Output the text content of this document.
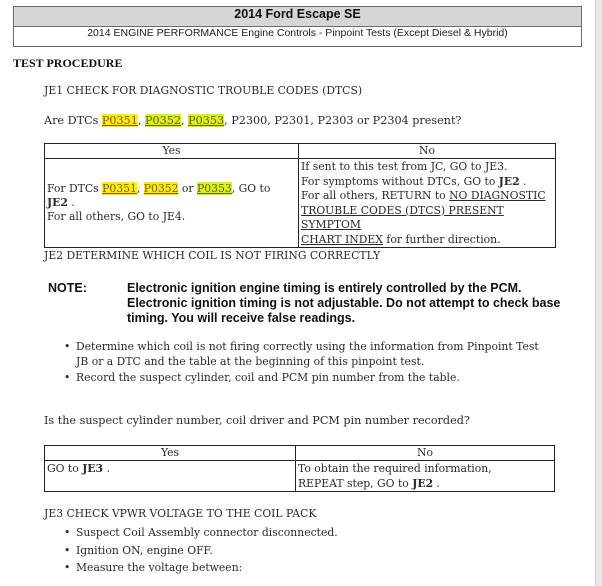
2014 Ford Escape SE
2014 ENGINE PERFORMANCE Engine Controls - Pinpoint Tests (Except Diesel & Hybrid)
TEST PROCEDURE
JE1 CHECK FOR DIAGNOSTIC TROUBLE CODES (DTCS)
Are DTCs P0351, P0352, P0353, P2300, P2301, P2303 or P2304 present?
Yes	No
For DTCs P0351, P0352 or P0353, GO to
JE2 .
For all others, GO to JE4.	If sent to this test from JC, GO to JE3.
For symptoms without DTCs, GO to JE2 .
For all others, RETURN to NO DIAGNOSTIC
TROUBLE CODES (DTCS) PRESENT SYMPTOM
CHART INDEX for further direction.
JE2 DETERMINE WHICH COIL IS NOT FIRING CORRECTLY
NOTE:	Electronic ignition engine timing is entirely controlled by the PCM. Electronic ignition timing is not adjustable. Do not attempt to check base timing. You will receive false readings.
• Determine which coil is not firing correctly using the information from Pinpoint Test JB or a DTC and the table at the beginning of this pinpoint test.
• Record the suspect cylinder, coil and PCM pin number from the table.
Is the suspect cylinder number, coil driver and PCM pin number recorded?
Yes	No
GO to JE3 .	To obtain the required information,
REPEAT step, GO to JE2 .
JE3 CHECK VPWR VOLTAGE TO THE COIL PACK
• Suspect Coil Assembly connector disconnected.
• Ignition ON, engine OFF.
• Measure the voltage between:
